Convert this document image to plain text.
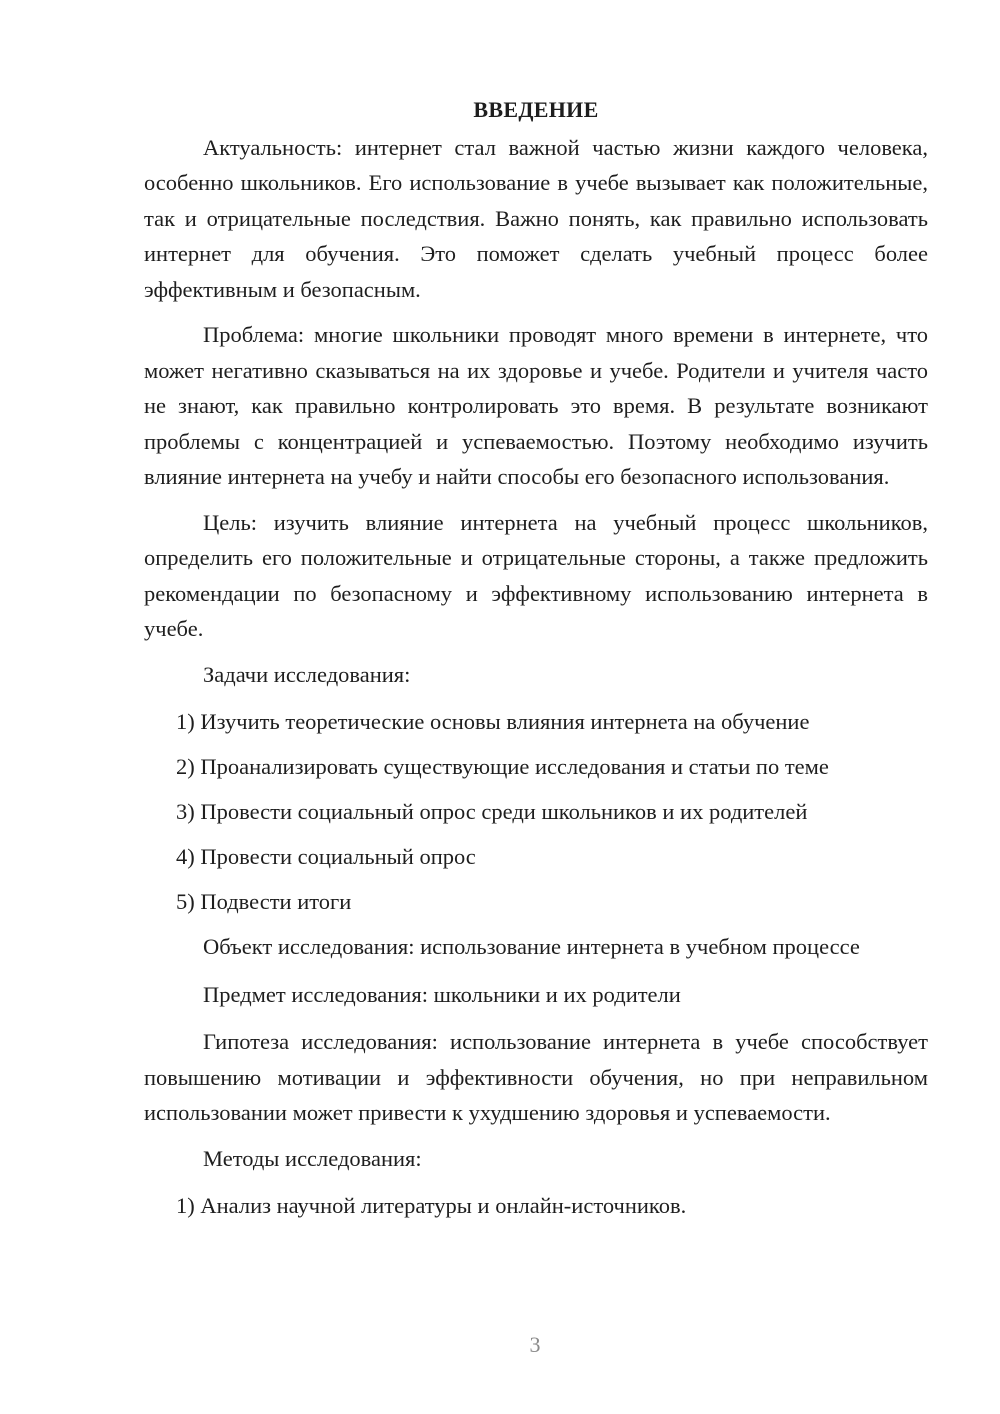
ВВЕДЕНИЕ
Актуальность: интернет стал важной частью жизни каждого человека, особенно школьников. Его использование в учебе вызывает как положительные, так и отрицательные последствия. Важно понять, как правильно использовать интернет для обучения. Это поможет сделать учебный процесс более эффективным и безопасным.
Проблема: многие школьники проводят много времени в интернете, что может негативно сказываться на их здоровье и учебе. Родители и учителя часто не знают, как правильно контролировать это время. В результате возникают проблемы с концентрацией и успеваемостью. Поэтому необходимо изучить влияние интернета на учебу и найти способы его безопасного использования.
Цель: изучить влияние интернета на учебный процесс школьников, определить его положительные и отрицательные стороны, а также предложить рекомендации по безопасному и эффективному использованию интернета в учебе.
Задачи исследования:
1) Изучить теоретические основы влияния интернета на обучение
2) Проанализировать существующие исследования и статьи по теме
3) Провести социальный опрос среди школьников и их родителей
4) Провести социальный опрос
5) Подвести итоги
Объект исследования: использование интернета в учебном процессе
Предмет исследования: школьники и их родители
Гипотеза исследования: использование интернета в учебе способствует повышению мотивации и эффективности обучения, но при неправильном использовании может привести к ухудшению здоровья и успеваемости.
Методы исследования:
1) Анализ научной литературы и онлайн-источников.
3
